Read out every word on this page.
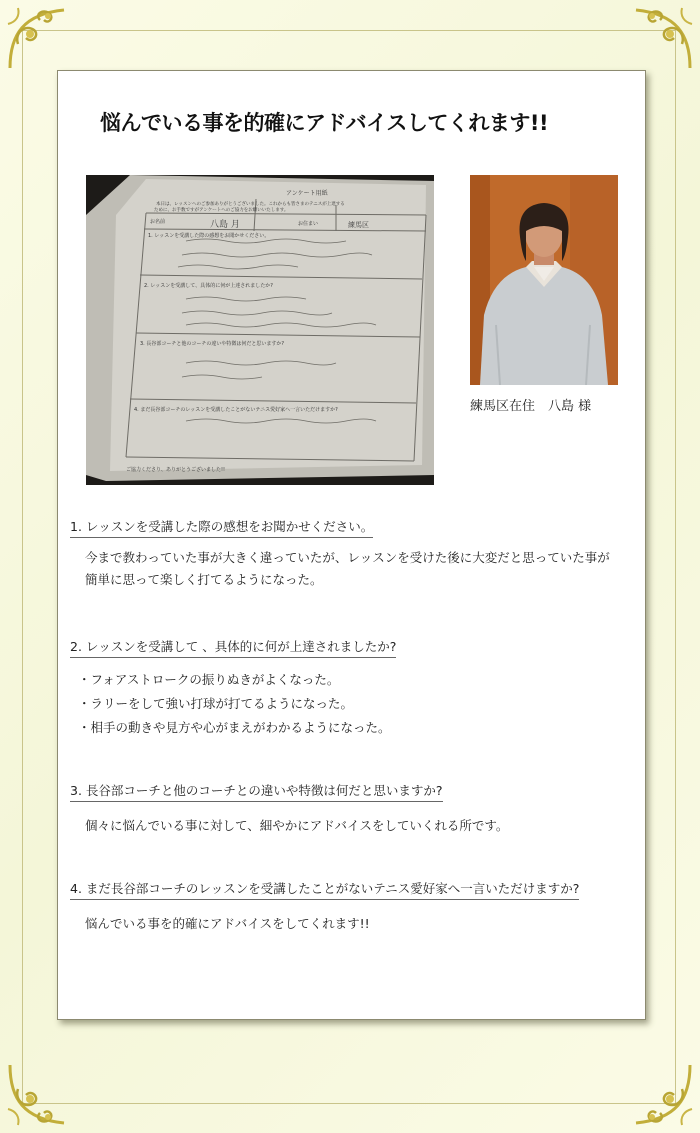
悩んでいる事を的確にアドバイスしてくれます!!
アンケート用紙
本日は、レッスンへのご参加ありがとうございました。これからも皆さまのテニスが上達する
ために、お手数ですがアンケートへのご協力をお願いいたします。
お名前	八島 月	お住まい	練馬区
1. レッスンを受講した際の感想をお聞かせください。
2. レッスンを受講して、具体的に何が上達されましたか?
3. 長谷部コーチと他のコーチの違いや特徴は何だと思いますか?
4. まだ長谷部コーチのレッスンを受講したことがないテニス愛好家へ一言いただけますか?
ご協力くださり、ありがとうございました!!
練馬区在住　八島 様
1. レッスンを受講した際の感想をお聞かせください。
今まで教わっていた事が大きく違っていたが、レッスンを受けた後に大変だと思っていた事が
簡単に思って楽しく打てるようになった。
2. レッスンを受講して 、具体的に何が上達されましたか?
・フォアストロークの振りぬきがよくなった。
・ラリーをして強い打球が打てるようになった。
・相手の動きや見方や心がまえがわかるようになった。
3. 長谷部コーチと他のコーチとの違いや特徴は何だと思いますか?
個々に悩んでいる事に対して、細やかにアドバイスをしていくれる所です。
4. まだ長谷部コーチのレッスンを受講したことがないテニス愛好家へ一言いただけますか?
悩んでいる事を的確にアドバイスをしてくれます!!
